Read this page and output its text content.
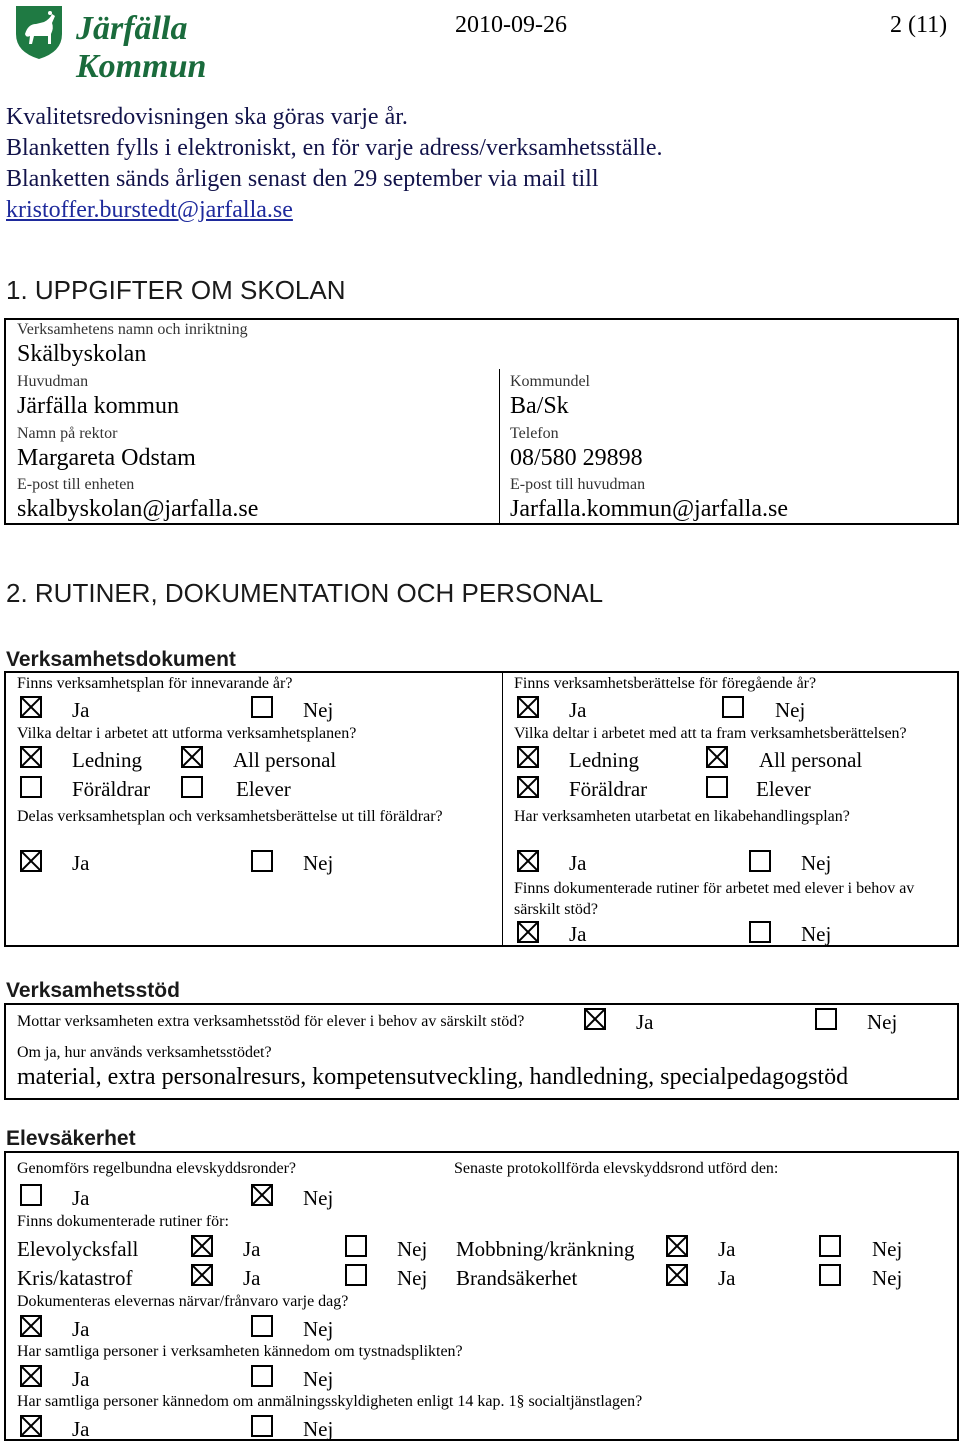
Järfälla Kommun
2010-09-26	2 (11)
Kvalitetsredovisningen ska göras varje år.
Blanketten fylls i elektroniskt, en för varje adress/verksamhetsställe.
Blanketten sänds årligen senast den 29 september via mail till
kristoffer.burstedt@jarfalla.se
1. UPPGIFTER OM SKOLAN
Verksamhetens namn och inriktning
Skälbyskolan
Huvudman
Järfälla kommun
Kommundel
Ba/Sk
Namn på rektor
Margareta Odstam
Telefon
08/580 29898
E-post till enheten
skalbyskolan@jarfalla.se
E-post till huvudman
Jarfalla.kommun@jarfalla.se
2. RUTINER, DOKUMENTATION OCH PERSONAL
Verksamhetsdokument
Finns verksamhetsplan för innevarande år?
Ja	Nej
Vilka deltar i arbetet att utforma verksamhetsplanen?
Ledning	All personal
Föräldrar	Elever
Delas verksamhetsplan och verksamhetsberättelse ut till föräldrar?
Ja	Nej
Finns verksamhetsberättelse för föregående år?
Ja	Nej
Vilka deltar i arbetet med att ta fram verksamhetsberättelsen?
Ledning	All personal
Föräldrar	Elever
Har verksamheten utarbetat en likabehandlingsplan?
Ja	Nej
Finns dokumenterade rutiner för arbetet med elever i behov av särskilt stöd?
Ja	Nej
Verksamhetsstöd
Mottar verksamheten extra verksamhetsstöd för elever i behov av särskilt stöd?	Ja	Nej
Om ja, hur används verksamhetsstödet?
material, extra personalresurs, kompetensutveckling, handledning, specialpedagogstöd
Elevsäkerhet
Genomförs regelbundna elevskyddsronder?	Senaste protokollförda elevskyddsrond utförd den:
Ja	Nej
Finns dokumenterade rutiner för:
Elevolycksfall	Ja	Nej Mobbning/kränkning	Ja	Nej
Kris/katastrof	Ja	Nej Brandsäkerhet	Ja	Nej
Dokumenteras elevernas närvar/frånvaro varje dag?
Ja	Nej
Har samtliga personer i verksamheten kännedom om tystnadsplikten?
Ja	Nej
Har samtliga personer kännedom om anmälningsskyldigheten enligt 14 kap. 1§ socialtjänstlagen?
Ja	Nej
